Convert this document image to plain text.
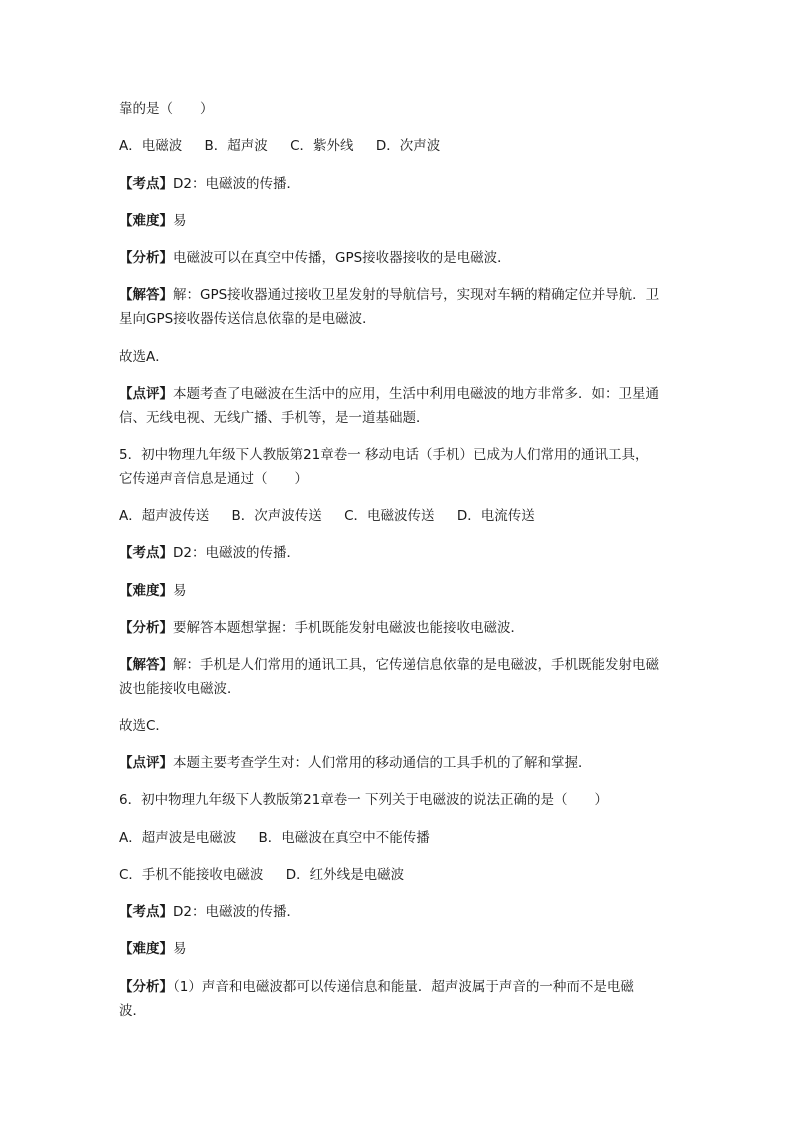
靠的是（　　）
A．电磁波 B．超声波 C．紫外线 D．次声波
【考点】D2：电磁波的传播．
【难度】易
【分析】电磁波可以在真空中传播，GPS接收器接收的是电磁波．
【解答】解：GPS接收器通过接收卫星发射的导航信号，实现对车辆的精确定位并导航．卫
星向GPS接收器传送信息依靠的是电磁波．
故选A．
【点评】本题考查了电磁波在生活中的应用，生活中利用电磁波的地方非常多．如：卫星通
信、无线电视、无线广播、手机等，是一道基础题．
5．初中物理九年级下人教版第21章卷一 移动电话（手机）已成为人们常用的通讯工具，
它传递声音信息是通过（　　）
A．超声波传送 B．次声波传送 C．电磁波传送 D．电流传送
【考点】D2：电磁波的传播．
【难度】易
【分析】要解答本题想掌握：手机既能发射电磁波也能接收电磁波．
【解答】解：手机是人们常用的通讯工具，它传递信息依靠的是电磁波，手机既能发射电磁
波也能接收电磁波．
故选C．
【点评】本题主要考查学生对：人们常用的移动通信的工具手机的了解和掌握．
6．初中物理九年级下人教版第21章卷一 下列关于电磁波的说法正确的是（　　）
A．超声波是电磁波 B．电磁波在真空中不能传播
C．手机不能接收电磁波 D．红外线是电磁波
【考点】D2：电磁波的传播．
【难度】易
【分析】（1）声音和电磁波都可以传递信息和能量．超声波属于声音的一种而不是电磁
波．
